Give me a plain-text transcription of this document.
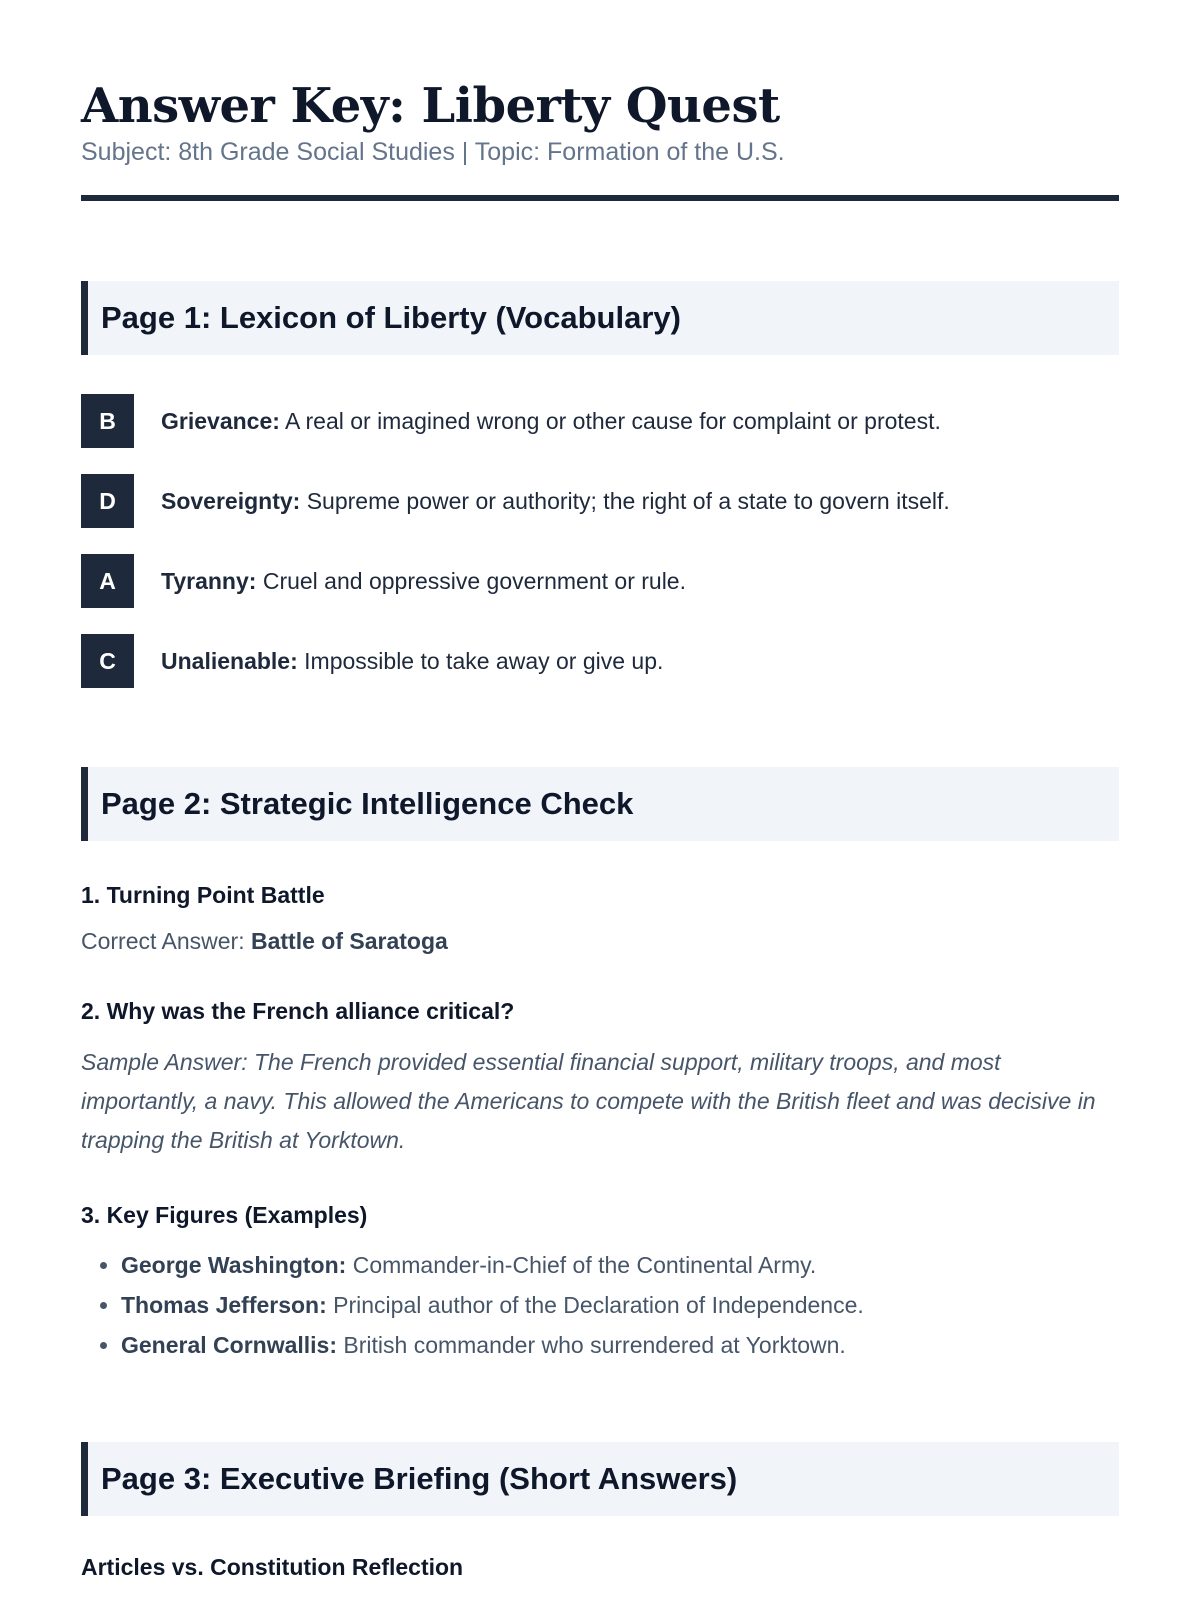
Answer Key: Liberty Quest
Subject: 8th Grade Social Studies | Topic: Formation of the U.S.
Page 1: Lexicon of Liberty (Vocabulary)
B	Grievance: A real or imagined wrong or other cause for complaint or protest.
D	Sovereignty: Supreme power or authority; the right of a state to govern itself.
A	Tyranny: Cruel and oppressive government or rule.
C	Unalienable: Impossible to take away or give up.
Page 2: Strategic Intelligence Check
1. Turning Point Battle
Correct Answer: Battle of Saratoga
2. Why was the French alliance critical?
Sample Answer: The French provided essential financial support, military troops, and most importantly, a navy. This allowed the Americans to compete with the British fleet and was decisive in trapping the British at Yorktown.
3. Key Figures (Examples)
• George Washington: Commander-in-Chief of the Continental Army.
• Thomas Jefferson: Principal author of the Declaration of Independence.
• General Cornwallis: British commander who surrendered at Yorktown.
Page 3: Executive Briefing (Short Answers)
Articles vs. Constitution Reflection
